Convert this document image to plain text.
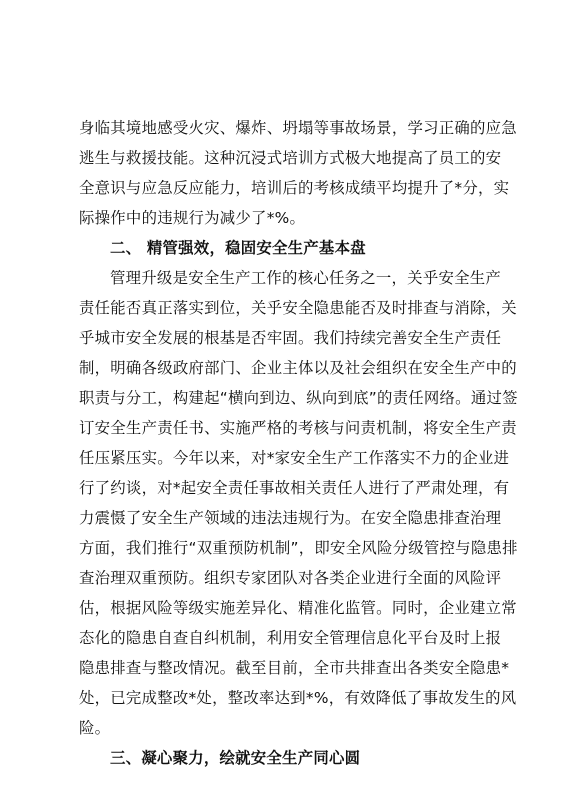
身临其境地感受火灾、爆炸、坍塌等事故场景，学习正确的应急
逃生与救援技能。这种沉浸式培训方式极大地提高了员工的安
全意识与应急反应能力，培训后的考核成绩平均提升了*分，实
际操作中的违规行为减少了*%。
二、 精管强效，稳固安全生产基本盘
管理升级是安全生产工作的核心任务之一，关乎安全生产
责任能否真正落实到位，关乎安全隐患能否及时排查与消除，关
乎城市安全发展的根基是否牢固。我们持续完善安全生产责任
制，明确各级政府部门、企业主体以及社会组织在安全生产中的
职责与分工，构建起“横向到边、纵向到底”的责任网络。通过签
订安全生产责任书、实施严格的考核与问责机制，将安全生产责
任压紧压实。今年以来，对*家安全生产工作落实不力的企业进
行了约谈，对*起安全责任事故相关责任人进行了严肃处理，有
力震慑了安全生产领域的违法违规行为。在安全隐患排查治理
方面，我们推行“双重预防机制”，即安全风险分级管控与隐患排
查治理双重预防。组织专家团队对各类企业进行全面的风险评
估，根据风险等级实施差异化、精准化监管。同时，企业建立常
态化的隐患自查自纠机制，利用安全管理信息化平台及时上报
隐患排查与整改情况。截至目前，全市共排查出各类安全隐患*
处，已完成整改*处，整改率达到*%，有效降低了事故发生的风
险。
三、凝心聚力，绘就安全生产同心圆
